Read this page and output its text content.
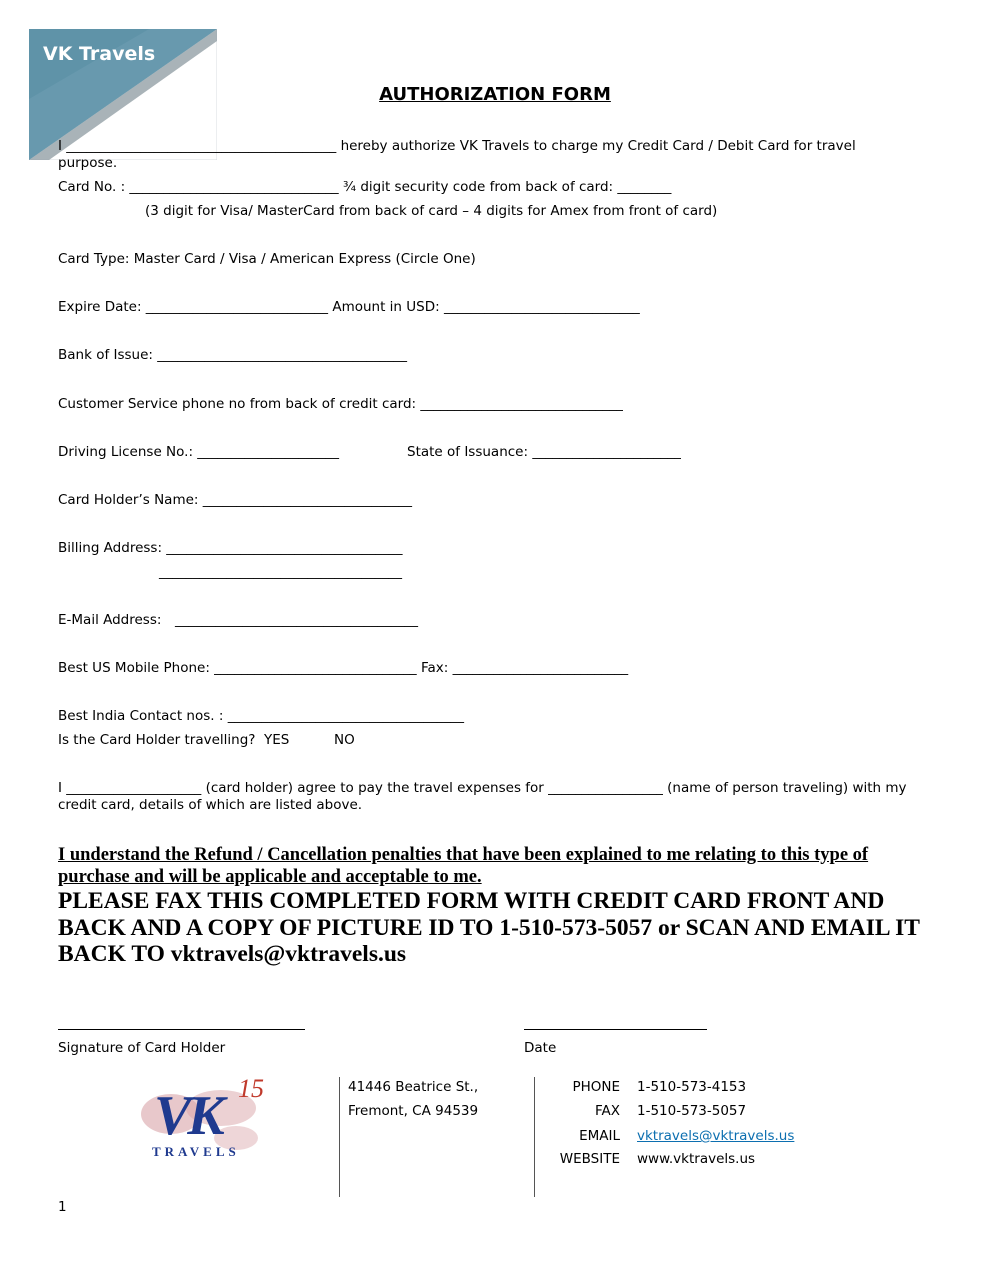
VK Travels
AUTHORIZATION FORM
I ________________________________________ hereby authorize VK Travels to charge my Credit Card / Debit Card for travel purpose.
Card No. : _______________________________ ¾ digit security code from back of card: ________
(3 digit for Visa/ MasterCard from back of card – 4 digits for Amex from front of card)
Card Type: Master Card / Visa / American Express (Circle One)
Expire Date: ___________________________ Amount in USD: _____________________________
Bank of Issue: _____________________________________
Customer Service phone no from back of credit card: ______________________________
Driving License No.: _____________________	State of Issuance: ______________________
Card Holder’s Name: _______________________________
Billing Address: ___________________________________
____________________________________
E-Mail Address: ____________________________________
Best US Mobile Phone: ______________________________ Fax: __________________________
Best India Contact nos. : ___________________________________
Is the Card Holder travelling? YES	NO
I ____________________ (card holder) agree to pay the travel expenses for _________________ (name of person traveling) with my credit card, details of which are listed above.
I understand the Refund / Cancellation penalties that have been explained to me relating to this type of purchase and will be applicable and acceptable to me.
PLEASE FAX THIS COMPLETED FORM WITH CREDIT CARD FRONT AND BACK AND A COPY OF PICTURE ID TO 1-510-573-5057 or SCAN AND EMAIL IT BACK TO vktravels@vktravels.us
Signature of Card Holder	Date
VK 15
TRAVELS
41446 Beatrice St.,
Fremont, CA 94539
PHONE 1-510-573-4153
FAX 1-510-573-5057
EMAIL vktravels@vktravels.us
WEBSITE www.vktravels.us
1
